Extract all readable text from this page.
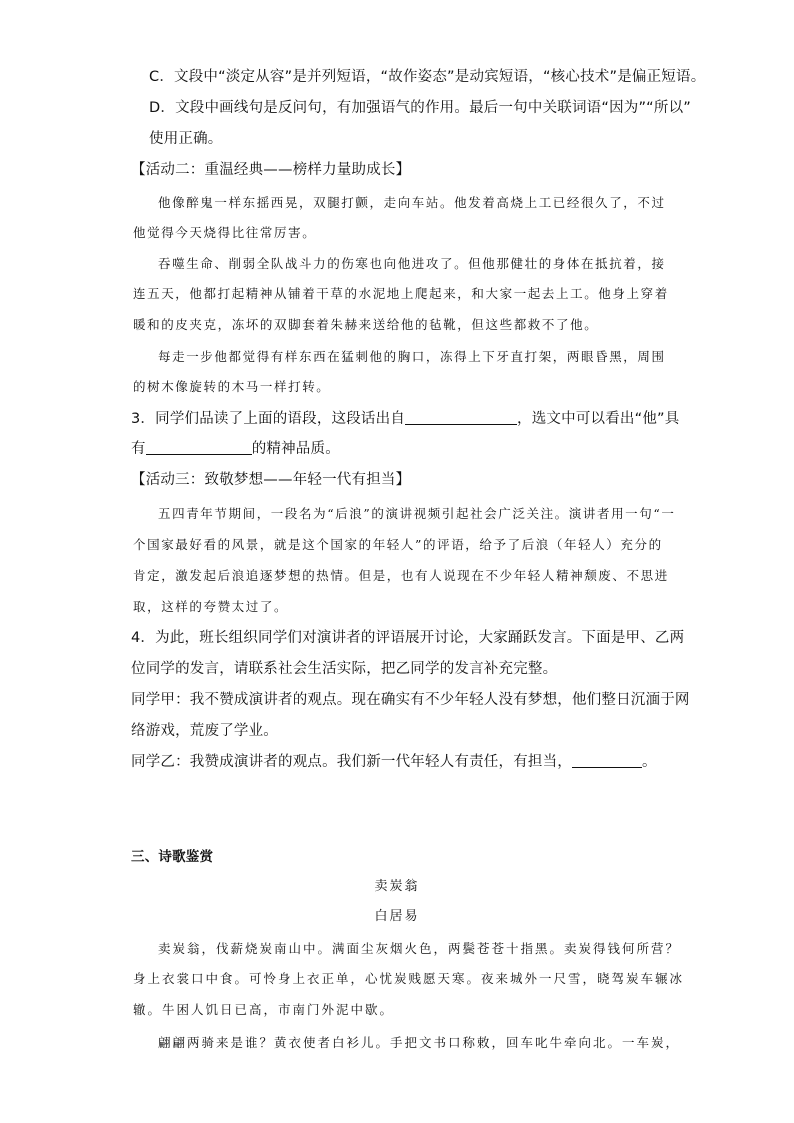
C．文段中“淡定从容”是并列短语，“故作姿态”是动宾短语，“核心技术”是偏正短语。
D．文段中画线句是反问句，有加强语气的作用。最后一句中关联词语“因为”“所以”
使用正确。
【活动二：重温经典——榜样力量助成长】
他像醉鬼一样东摇西晃，双腿打颤，走向车站。他发着高烧上工已经很久了，不过
他觉得今天烧得比往常厉害。
吞噬生命、削弱全队战斗力的伤寒也向他进攻了。但他那健壮的身体在抵抗着，接
连五天，他都打起精神从铺着干草的水泥地上爬起来，和大家一起去上工。他身上穿着
暖和的皮夹克，冻坏的双脚套着朱赫来送给他的毡靴，但这些都救不了他。
每走一步他都觉得有样东西在猛刺他的胸口，冻得上下牙直打架，两眼昏黑，周围
的树木像旋转的木马一样打转。
3．同学们品读了上面的语段，这段话出自	，选文中可以看出“他”具
有	的精神品质。
【活动三：致敬梦想——年轻一代有担当】
五四青年节期间，一段名为“后浪”的演讲视频引起社会广泛关注。演讲者用一句“一
个国家最好看的风景，就是这个国家的年轻人”的评语，给予了后浪（年轻人）充分的
肯定，激发起后浪追逐梦想的热情。但是，也有人说现在不少年轻人精神颓废、不思进
取，这样的夸赞太过了。
4．为此，班长组织同学们对演讲者的评语展开讨论，大家踊跃发言。下面是甲、乙两
位同学的发言，请联系社会生活实际，把乙同学的发言补充完整。
同学甲：我不赞成演讲者的观点。现在确实有不少年轻人没有梦想，他们整日沉湎于网
络游戏，荒废了学业。
同学乙：我赞成演讲者的观点。我们新一代年轻人有责任，有担当，	。
三、诗歌鉴赏
卖炭翁
白居易
卖炭翁，伐薪烧炭南山中。满面尘灰烟火色，两鬓苍苍十指黑。卖炭得钱何所营？
身上衣裳口中食。可怜身上衣正单，心忧炭贱愿天寒。夜来城外一尺雪，晓驾炭车辗冰
辙。牛困人饥日已高，市南门外泥中歇。
翩翩两骑来是谁？黄衣使者白衫儿。手把文书口称敕，回车叱牛牵向北。一车炭，
